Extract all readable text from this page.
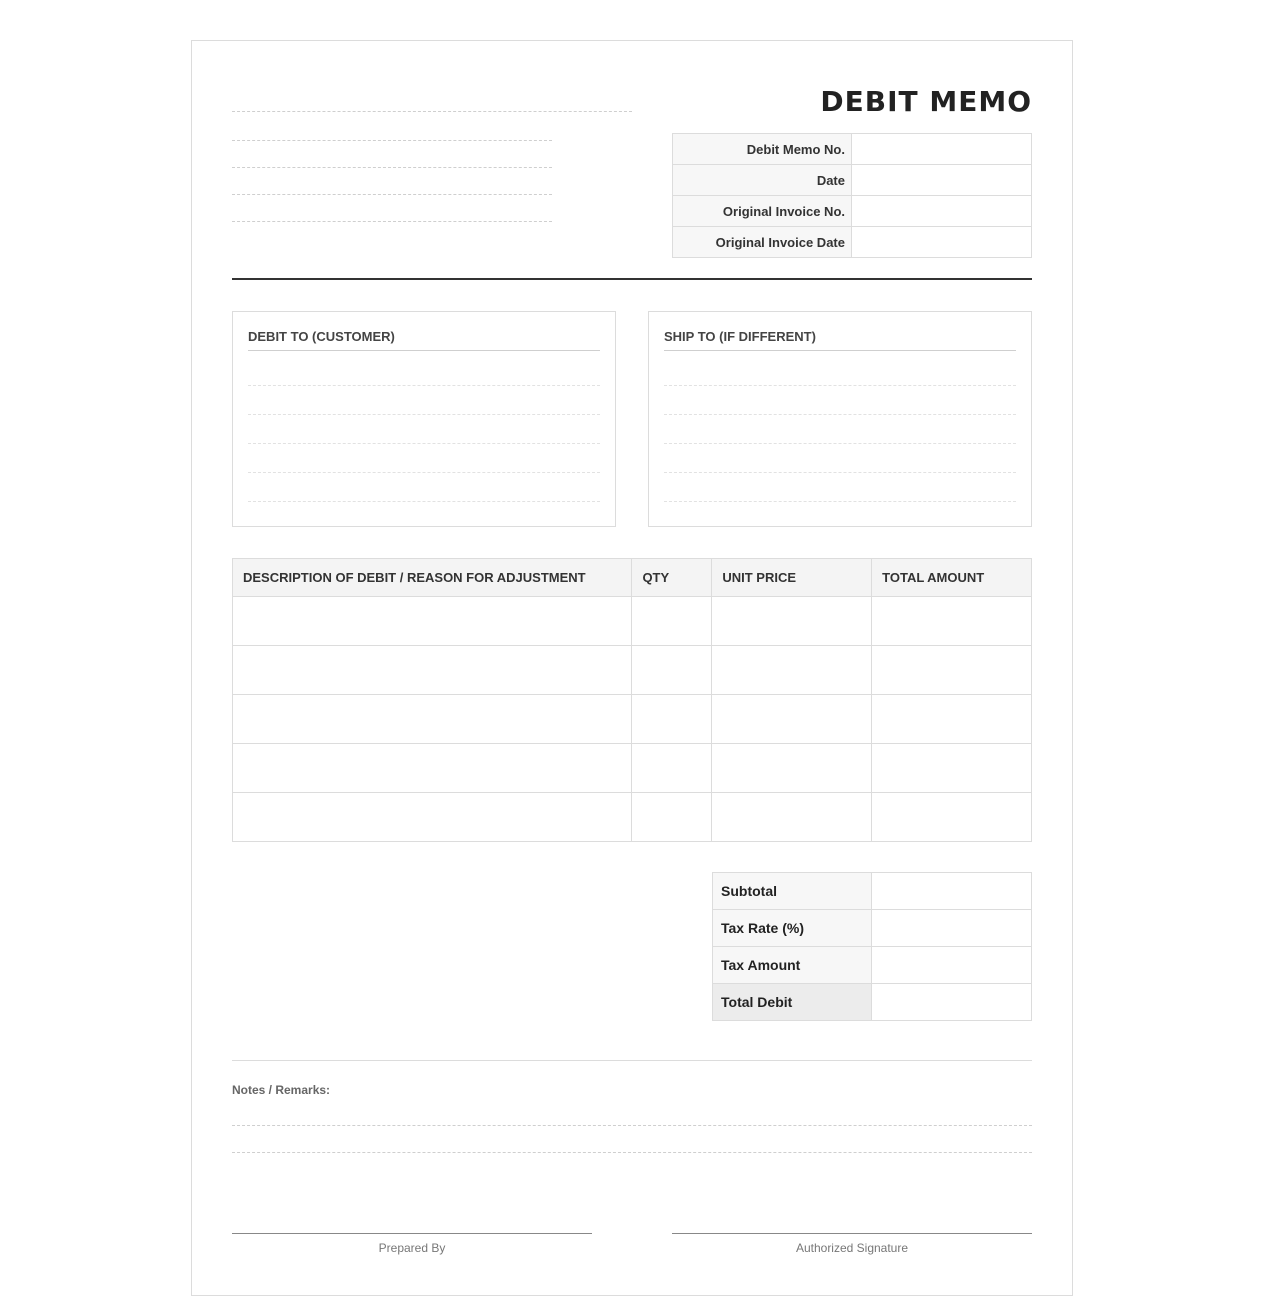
DEBIT MEMO
Debit Memo No.	
Date	
Original Invoice No.	
Original Invoice Date	
DEBIT TO (CUSTOMER)	SHIP TO (IF DIFFERENT)
DESCRIPTION OF DEBIT / REASON FOR ADJUSTMENT	QTY	UNIT PRICE	TOTAL AMOUNT

Subtotal	
Tax Rate (%)	
Tax Amount	
Total Debit	
Notes / Remarks:
Prepared By	Authorized Signature
